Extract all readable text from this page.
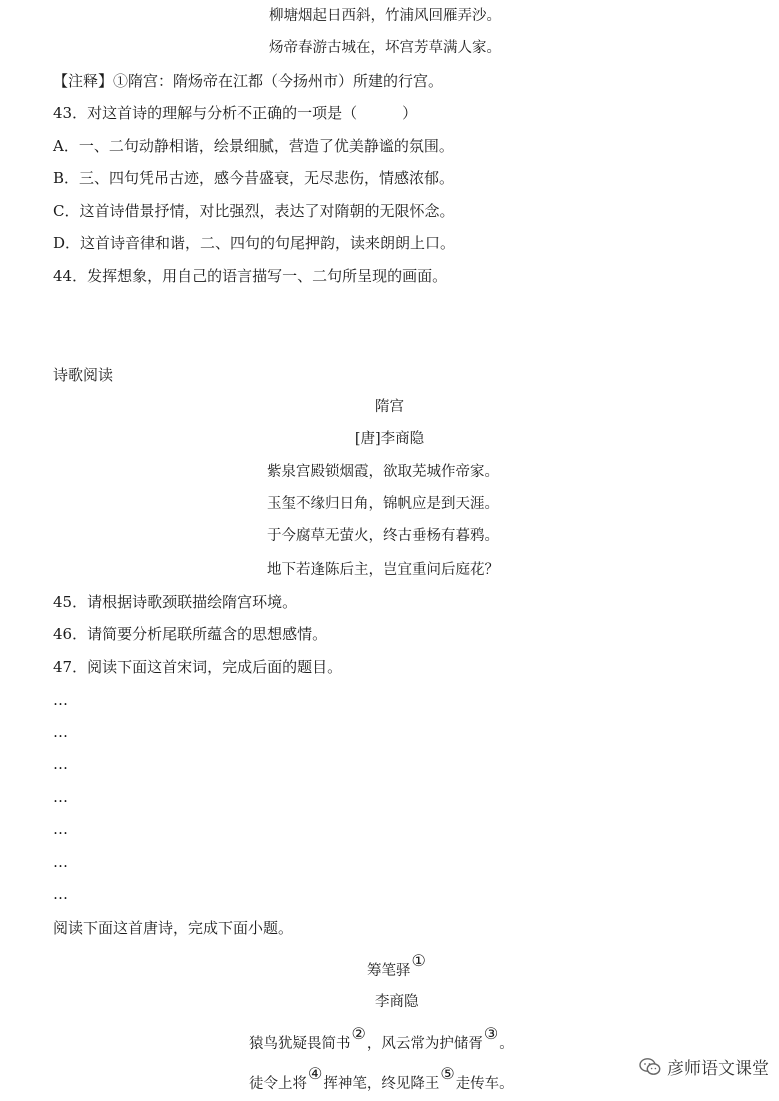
柳塘烟起日西斜，竹浦风回雁弄沙。
炀帝春游古城在，坏宫芳草满人家。
【注释】①隋宫：隋炀帝在江都（今扬州市）所建的行宫。
43．对这首诗的理解与分析不正确的一项是（　　　）
A．一、二句动静相谐，绘景细腻，营造了优美静谧的氛围。
B．三、四句凭吊古迹，感今昔盛衰，无尽悲伤，情感浓郁。
C．这首诗借景抒情，对比强烈，表达了对隋朝的无限怀念。
D．这首诗音律和谐，二、四句的句尾押韵，读来朗朗上口。
44．发挥想象，用自己的语言描写一、二句所呈现的画面。
诗歌阅读
隋宫
[唐]李商隐
紫泉宫殿锁烟霞，欲取芜城作帝家。
玉玺不缘归日角，锦帆应是到天涯。
于今腐草无萤火，终古垂杨有暮鸦。
地下若逢陈后主，岂宜重问后庭花？
45．请根据诗歌颈联描绘隋宫环境。
46．请简要分析尾联所蕴含的思想感情。
47．阅读下面这首宋词，完成后面的题目。
…
…
…
…
…
…
…
阅读下面这首唐诗，完成下面小题。
筹笔驿①
李商隐
猿鸟犹疑畏简书②，风云常为护储胥③。
徒令上将④挥神笔，终见降王⑤走传车。
彦师语文课堂
